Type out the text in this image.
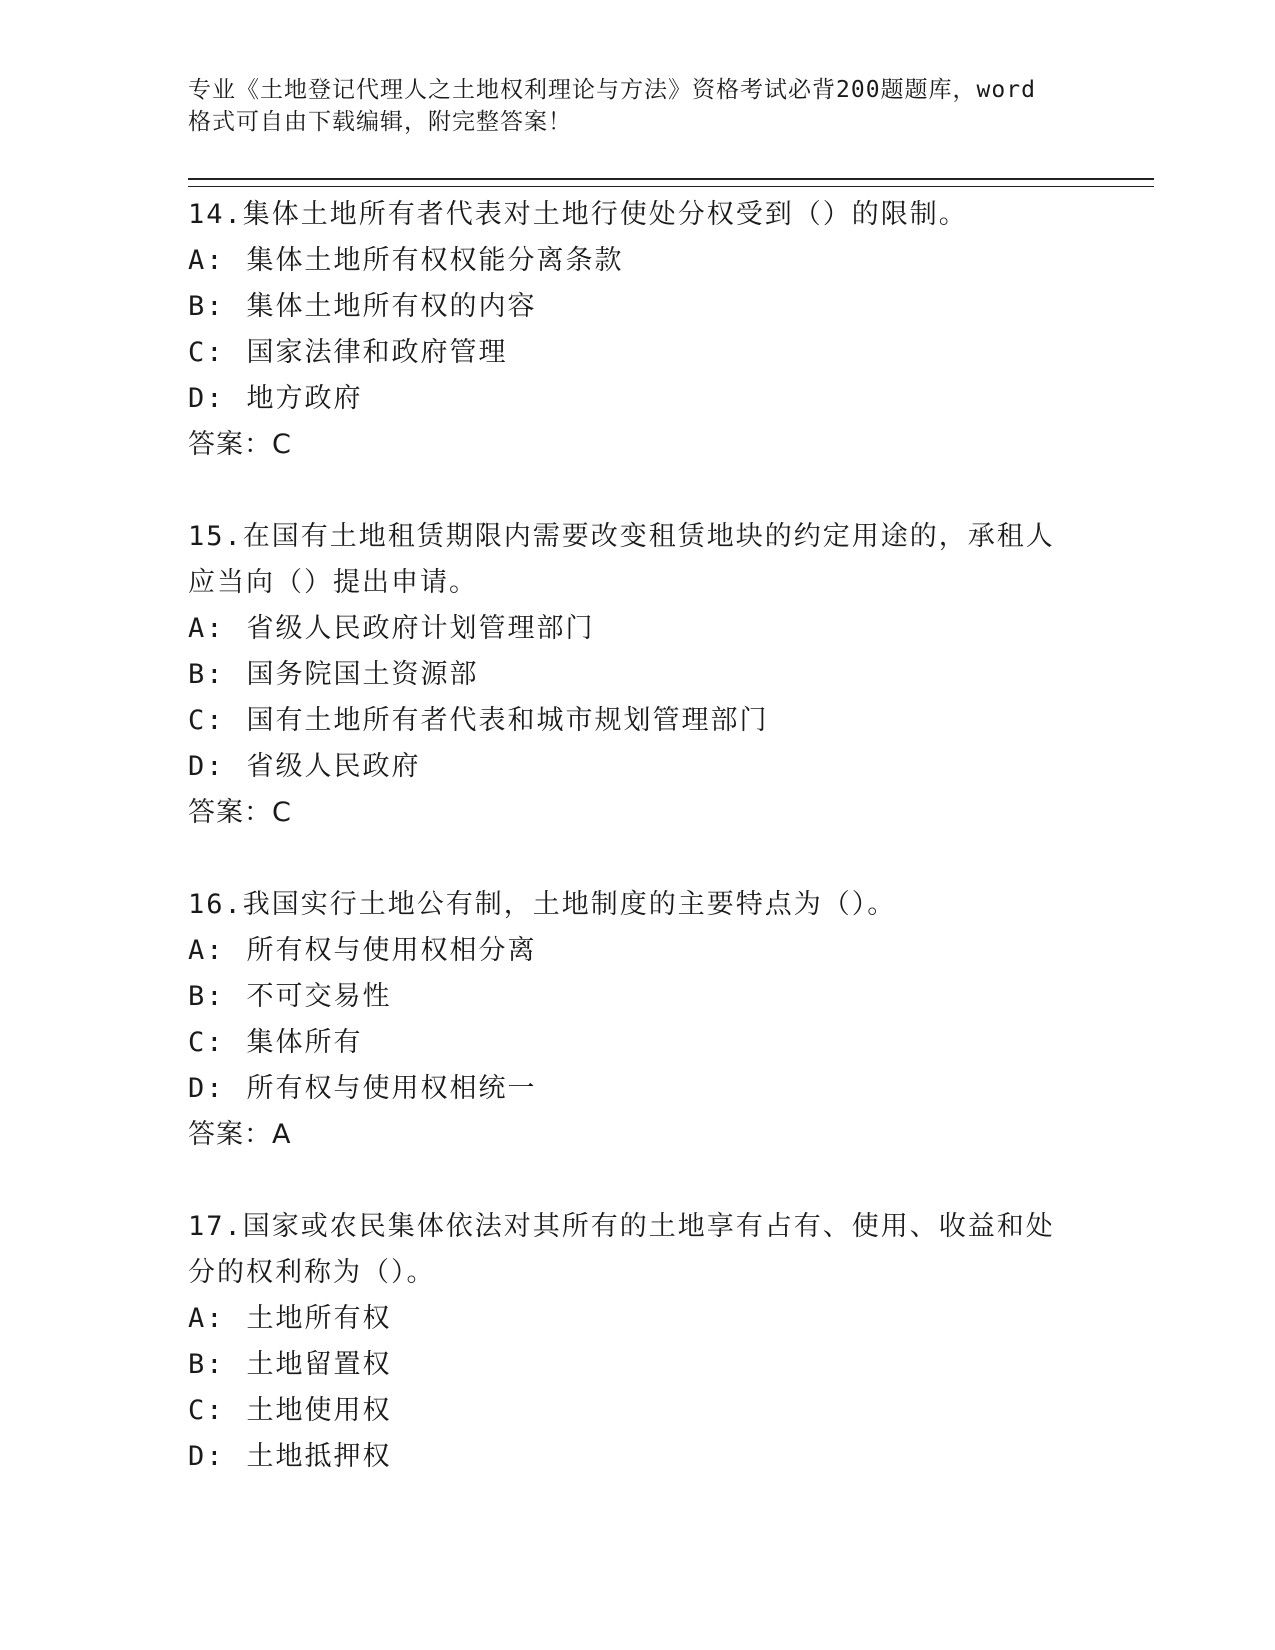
专业《土地登记代理人之土地权利理论与方法》资格考试必背200题题库，word
格式可自由下载编辑，附完整答案！
14.集体土地所有者代表对土地行使处分权受到（）的限制。
A: 集体土地所有权权能分离条款
B: 集体土地所有权的内容
C: 国家法律和政府管理
D: 地方政府
答案：C
15.在国有土地租赁期限内需要改变租赁地块的约定用途的，承租人应当向（）提出申请。
A: 省级人民政府计划管理部门
B: 国务院国土资源部
C: 国有土地所有者代表和城市规划管理部门
D: 省级人民政府
答案：C
16.我国实行土地公有制，土地制度的主要特点为（）。
A: 所有权与使用权相分离
B: 不可交易性
C: 集体所有
D: 所有权与使用权相统一
答案：A
17.国家或农民集体依法对其所有的土地享有占有、使用、收益和处分的权利称为（）。
A: 土地所有权
B: 土地留置权
C: 土地使用权
D: 土地抵押权
